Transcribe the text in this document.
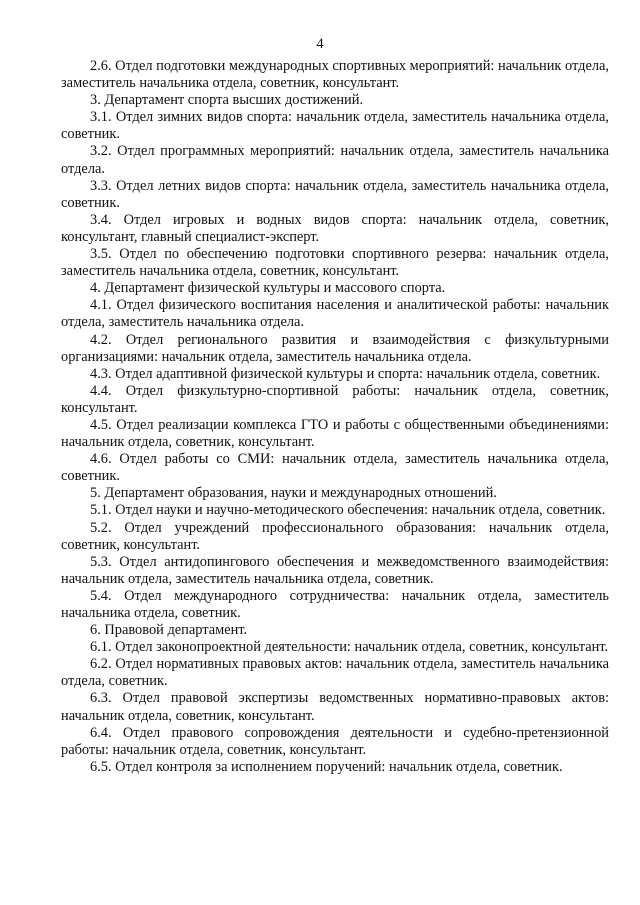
4

2.6. Отдел подготовки международных спортивных мероприятий: начальник отдела, заместитель начальника отдела, советник, консультант.

3. Департамент спорта высших достижений.

3.1. Отдел зимних видов спорта: начальник отдела, заместитель начальника отдела, советник.

3.2. Отдел программных мероприятий: начальник отдела, заместитель начальника отдела.

3.3. Отдел летних видов спорта: начальник отдела, заместитель начальника отдела, советник.

3.4. Отдел игровых и водных видов спорта: начальник отдела, советник, консультант, главный специалист-эксперт.

3.5. Отдел по обеспечению подготовки спортивного резерва: начальник отдела, заместитель начальника отдела, советник, консультант.

4. Департамент физической культуры и массового спорта.

4.1. Отдел физического воспитания населения и аналитической работы: начальник отдела, заместитель начальника отдела.

4.2. Отдел регионального развития и взаимодействия с физкультурными организациями: начальник отдела, заместитель начальника отдела.

4.3. Отдел адаптивной физической культуры и спорта: начальник отдела, советник.

4.4. Отдел физкультурно-спортивной работы: начальник отдела, советник, консультант.

4.5. Отдел реализации комплекса ГТО и работы с общественными объединениями: начальник отдела, советник, консультант.

4.6. Отдел работы со СМИ: начальник отдела, заместитель начальника отдела, советник.

5. Департамент образования, науки и международных отношений.

5.1. Отдел науки и научно-методического обеспечения: начальник отдела, советник.

5.2. Отдел учреждений профессионального образования: начальник отдела, советник, консультант.

5.3. Отдел антидопингового обеспечения и межведомственного взаимодействия: начальник отдела, заместитель начальника отдела, советник.

5.4. Отдел международного сотрудничества: начальник отдела, заместитель начальника отдела, советник.

6. Правовой департамент.

6.1. Отдел законопроектной деятельности: начальник отдела, советник, консультант.

6.2. Отдел нормативных правовых актов: начальник отдела, заместитель начальника отдела, советник.

6.3. Отдел правовой экспертизы ведомственных нормативно-правовых актов: начальник отдела, советник, консультант.

6.4. Отдел правового сопровождения деятельности и судебно-претензионной работы: начальник отдела, советник, консультант.

6.5. Отдел контроля за исполнением поручений: начальник отдела, советник.
